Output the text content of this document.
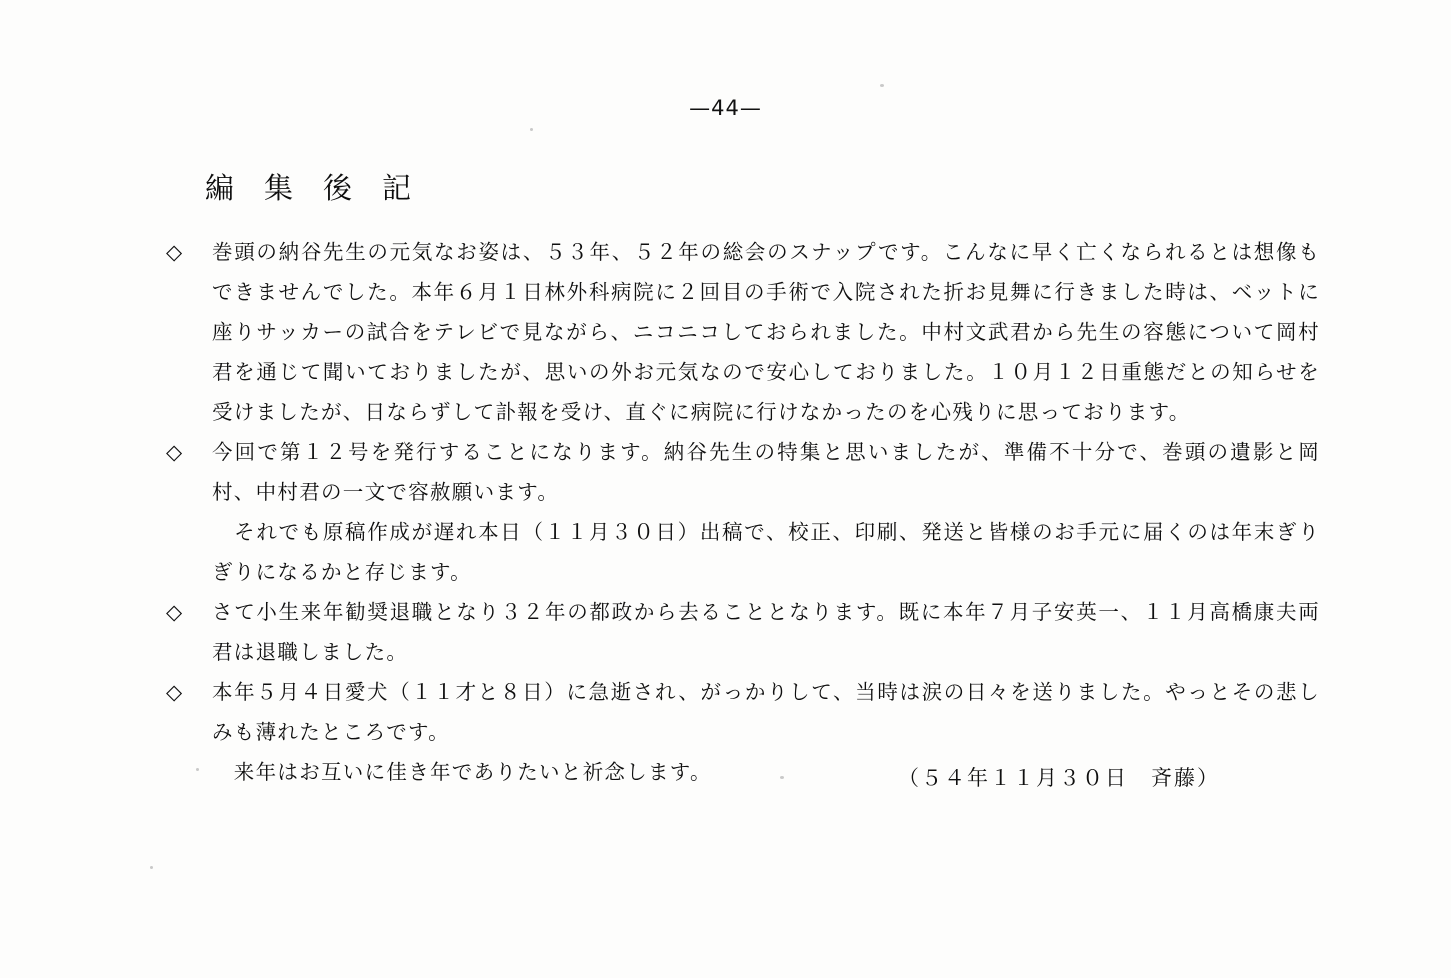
—44—
編集後記
◇ 巻頭の納谷先生の元気なお姿は、５３年、５２年の総会のスナップです。こんなに早く亡くなられるとは想像もできませんでした。本年６月１日林外科病院に２回目の手術で入院された折お見舞に行きました時は、ベットに座りサッカーの試合をテレビで見ながら、ニコニコしておられました。中村文武君から先生の容態について岡村君を通じて聞いておりましたが、思いの外お元気なので安心しておりました。１０月１２日重態だとの知らせを受けましたが、日ならずして訃報を受け、直ぐに病院に行けなかったのを心残りに思っております。
◇ 今回で第１２号を発行することになります。納谷先生の特集と思いましたが、準備不十分で、巻頭の遺影と岡村、中村君の一文で容赦願います。
　それでも原稿作成が遅れ本日（１１月３０日）出稿で、校正、印刷、発送と皆様のお手元に届くのは年末ぎりぎりになるかと存じます。
◇ さて小生来年勧奨退職となり３２年の都政から去ることとなります。既に本年７月子安英一、１１月高橋康夫両君は退職しました。
◇ 本年５月４日愛犬（１１才と８日）に急逝され、がっかりして、当時は涙の日々を送りました。やっとその悲しみも薄れたところです。
　来年はお互いに佳き年でありたいと祈念します。	（５４年１１月３０日　斉藤）
